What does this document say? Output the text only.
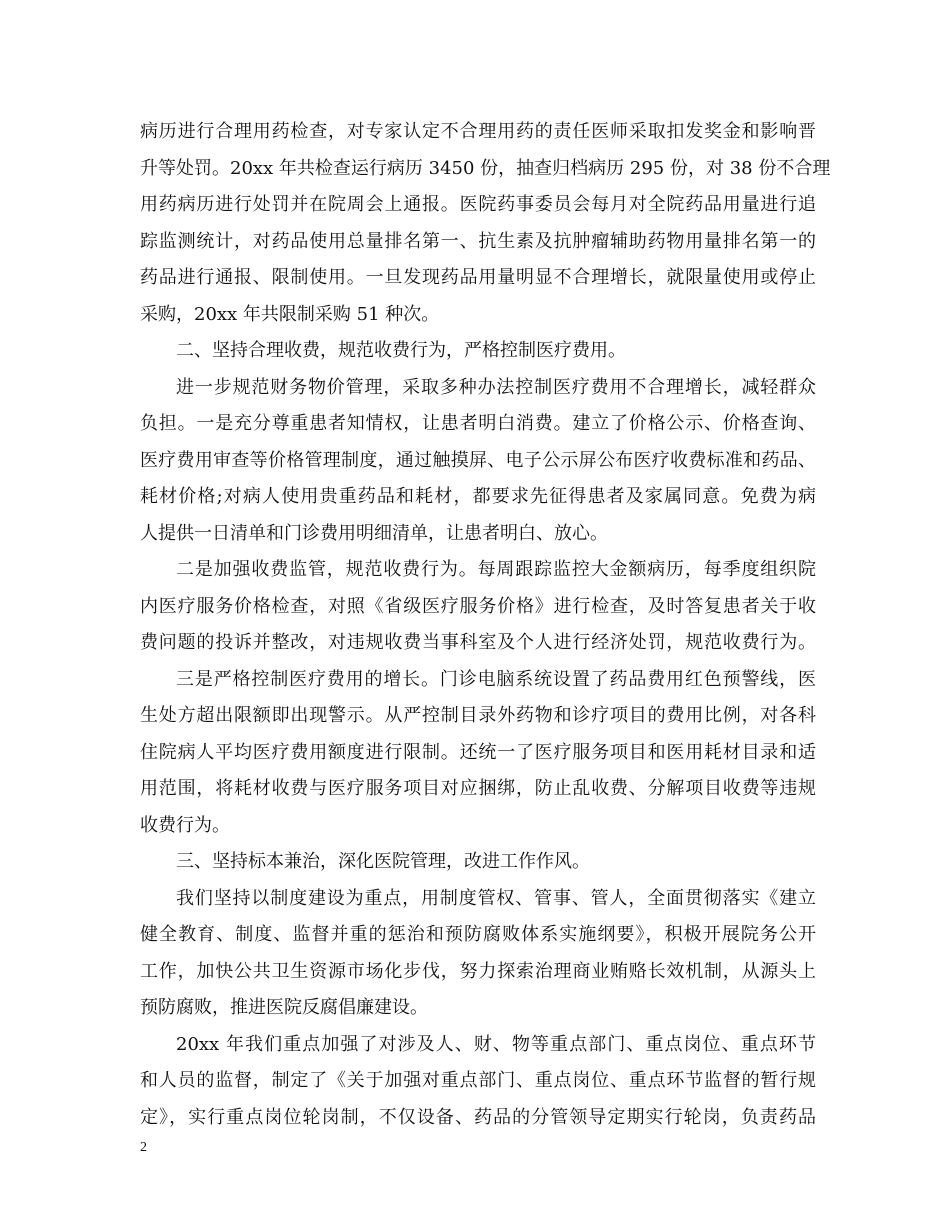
病历进行合理用药检查，对专家认定不合理用药的责任医师采取扣发奖金和影响晋
升等处罚。20xx 年共检查运行病历 3450 份，抽查归档病历 295 份，对 38 份不合理
用药病历进行处罚并在院周会上通报。医院药事委员会每月对全院药品用量进行追
踪监测统计，对药品使用总量排名第一、抗生素及抗肿瘤辅助药物用量排名第一的
药品进行通报、限制使用。一旦发现药品用量明显不合理增长，就限量使用或停止
采购，20xx 年共限制采购 51 种次。
二、坚持合理收费，规范收费行为，严格控制医疗费用。
进一步规范财务物价管理，采取多种办法控制医疗费用不合理增长，减轻群众
负担。一是充分尊重患者知情权，让患者明白消费。建立了价格公示、价格查询、
医疗费用审查等价格管理制度，通过触摸屏、电子公示屏公布医疗收费标准和药品、
耗材价格;对病人使用贵重药品和耗材，都要求先征得患者及家属同意。免费为病
人提供一日清单和门诊费用明细清单，让患者明白、放心。
二是加强收费监管，规范收费行为。每周跟踪监控大金额病历，每季度组织院
内医疗服务价格检查，对照《省级医疗服务价格》进行检查，及时答复患者关于收
费问题的投诉并整改，对违规收费当事科室及个人进行经济处罚，规范收费行为。
三是严格控制医疗费用的增长。门诊电脑系统设置了药品费用红色预警线，医
生处方超出限额即出现警示。从严控制目录外药物和诊疗项目的费用比例，对各科
住院病人平均医疗费用额度进行限制。还统一了医疗服务项目和医用耗材目录和适
用范围，将耗材收费与医疗服务项目对应捆绑，防止乱收费、分解项目收费等违规
收费行为。
三、坚持标本兼治，深化医院管理，改进工作作风。
我们坚持以制度建设为重点，用制度管权、管事、管人，全面贯彻落实《建立
健全教育、制度、监督并重的惩治和预防腐败体系实施纲要》，积极开展院务公开
工作，加快公共卫生资源市场化步伐，努力探索治理商业贿赂长效机制，从源头上
预防腐败，推进医院反腐倡廉建设。
20xx 年我们重点加强了对涉及人、财、物等重点部门、重点岗位、重点环节
和人员的监督，制定了《关于加强对重点部门、重点岗位、重点环节监督的暂行规
定》，实行重点岗位轮岗制，不仅设备、药品的分管领导定期实行轮岗，负责药品
2
